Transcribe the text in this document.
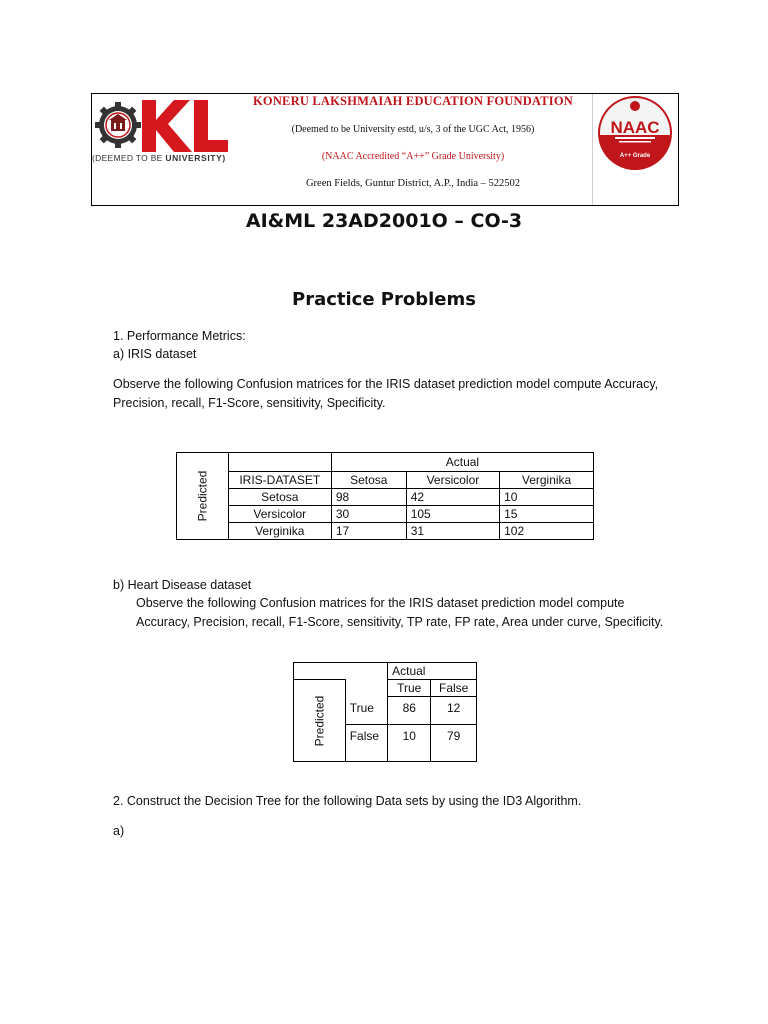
(DEEMED TO BE UNIVERSITY)
KONERU LAKSHMAIAH EDUCATION FOUNDATION
(Deemed to be University estd, u/s, 3 of the UGC Act, 1956)
(NAAC Accredited “A++” Grade University)
Green Fields, Guntur District, A.P., India – 522502
NAAC
A++ Grade
AI&ML 23AD2001O – CO-3
Practice Problems
1. Performance Metrics:
a) IRIS dataset
Observe the following Confusion matrices for the IRIS dataset prediction model compute Accuracy,
Precision, recall, F1-Score, sensitivity, Specificity.
Predicted		Actual		
	IRIS-DATASET	Setosa	Versicolor	Verginika
	Setosa	98	42	10
	Versicolor	30	105	15
	Verginika	17	31	102
b) Heart Disease dataset
Observe the following Confusion matrices for the IRIS dataset prediction model compute
Accuracy, Precision, recall, F1-Score, sensitivity, TP rate, FP rate, Area under curve, Specificity.
		Actual	
Predicted		True	False
	True	86	12
	False	10	79
2. Construct the Decision Tree for the following Data sets by using the ID3 Algorithm.
a)
